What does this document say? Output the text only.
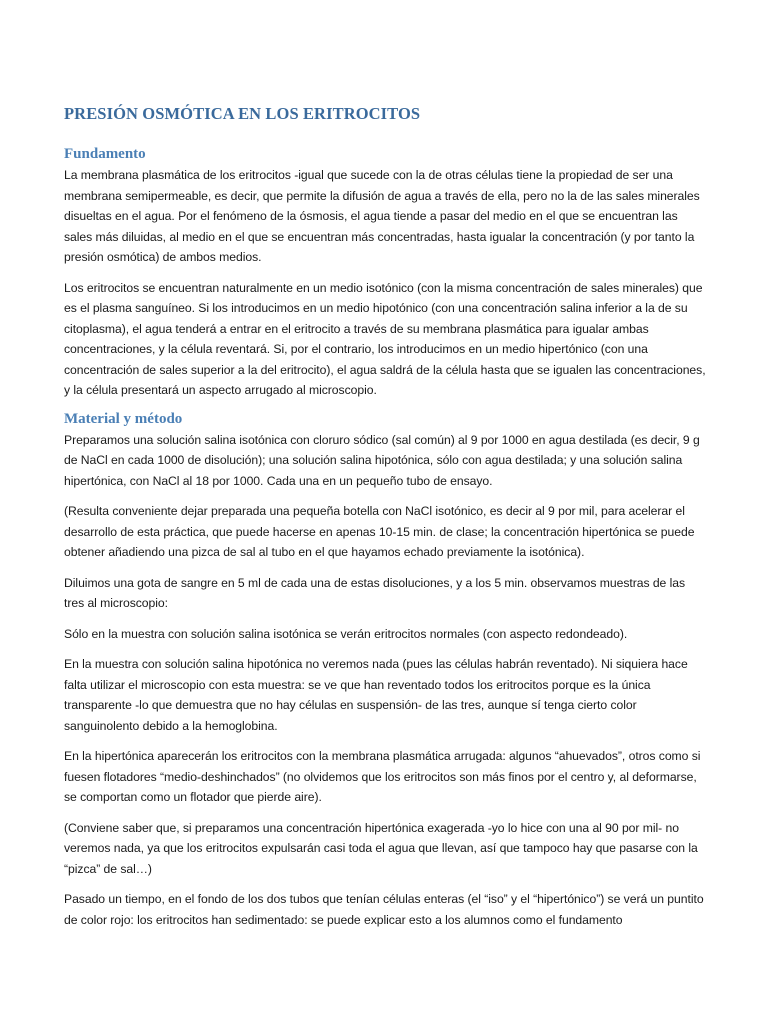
PRESIÓN OSMÓTICA EN LOS ERITROCITOS
Fundamento

La membrana plasmática de los eritrocitos -igual que sucede con la de otras células tiene la propiedad de ser una membrana semipermeable, es decir, que permite la difusión de agua a través de ella, pero no la de las sales minerales disueltas en el agua. Por el fenómeno de la ósmosis, el agua tiende a pasar del medio en el que se encuentran las sales más diluidas, al medio en el que se encuentran más concentradas, hasta igualar la concentración (y por tanto la presión osmótica) de ambos medios.

Los eritrocitos se encuentran naturalmente en un medio isotónico (con la misma concentración de sales minerales) que es el plasma sanguíneo. Si los introducimos en un medio hipotónico (con una concentración salina inferior a la de su citoplasma), el agua tenderá a entrar en el eritrocito a través de su membrana plasmática para igualar ambas concentraciones, y la célula reventará. Si, por el contrario, los introducimos en un medio hipertónico (con una concentración de sales superior a la del eritrocito), el agua saldrá de la célula hasta que se igualen las concentraciones, y la célula presentará un aspecto arrugado al microscopio.

Material y método

Preparamos una solución salina isotónica con cloruro sódico (sal común) al 9 por 1000 en agua destilada (es decir, 9 g de NaCl en cada 1000 de disolución); una solución salina hipotónica, sólo con agua destilada; y una solución salina hipertónica, con NaCl al 18 por 1000. Cada una en un pequeño tubo de ensayo.

(Resulta conveniente dejar preparada una pequeña botella con NaCl isotónico, es decir al 9 por mil, para acelerar el desarrollo de esta práctica, que puede hacerse en apenas 10-15 min. de clase; la concentración hipertónica se puede obtener añadiendo una pizca de sal al tubo en el que hayamos echado previamente la isotónica).

Diluimos una gota de sangre en 5 ml de cada una de estas disoluciones, y a los 5 min. observamos muestras de las tres al microscopio:

Sólo en la muestra con solución salina isotónica se verán eritrocitos normales (con aspecto redondeado).

En la muestra con solución salina hipotónica no veremos nada (pues las células habrán reventado). Ni siquiera hace falta utilizar el microscopio con esta muestra: se ve que han reventado todos los eritrocitos porque es la única transparente -lo que demuestra que no hay células en suspensión- de las tres, aunque sí tenga cierto color sanguinolento debido a la hemoglobina.

En la hipertónica aparecerán los eritrocitos con la membrana plasmática arrugada: algunos “ahuevados”, otros como si fuesen flotadores “medio-deshinchados” (no olvidemos que los eritrocitos son más finos por el centro y, al deformarse, se comportan como un flotador que pierde aire).

(Conviene saber que, si preparamos una concentración hipertónica exagerada -yo lo hice con una al 90 por mil- no veremos nada, ya que los eritrocitos expulsarán casi toda el agua que llevan, así que tampoco hay que pasarse con la “pizca” de sal…)

Pasado un tiempo, en el fondo de los dos tubos que tenían células enteras (el “iso” y el “hipertónico”) se verá un puntito de color rojo: los eritrocitos han sedimentado: se puede explicar esto a los alumnos como el fundamento
